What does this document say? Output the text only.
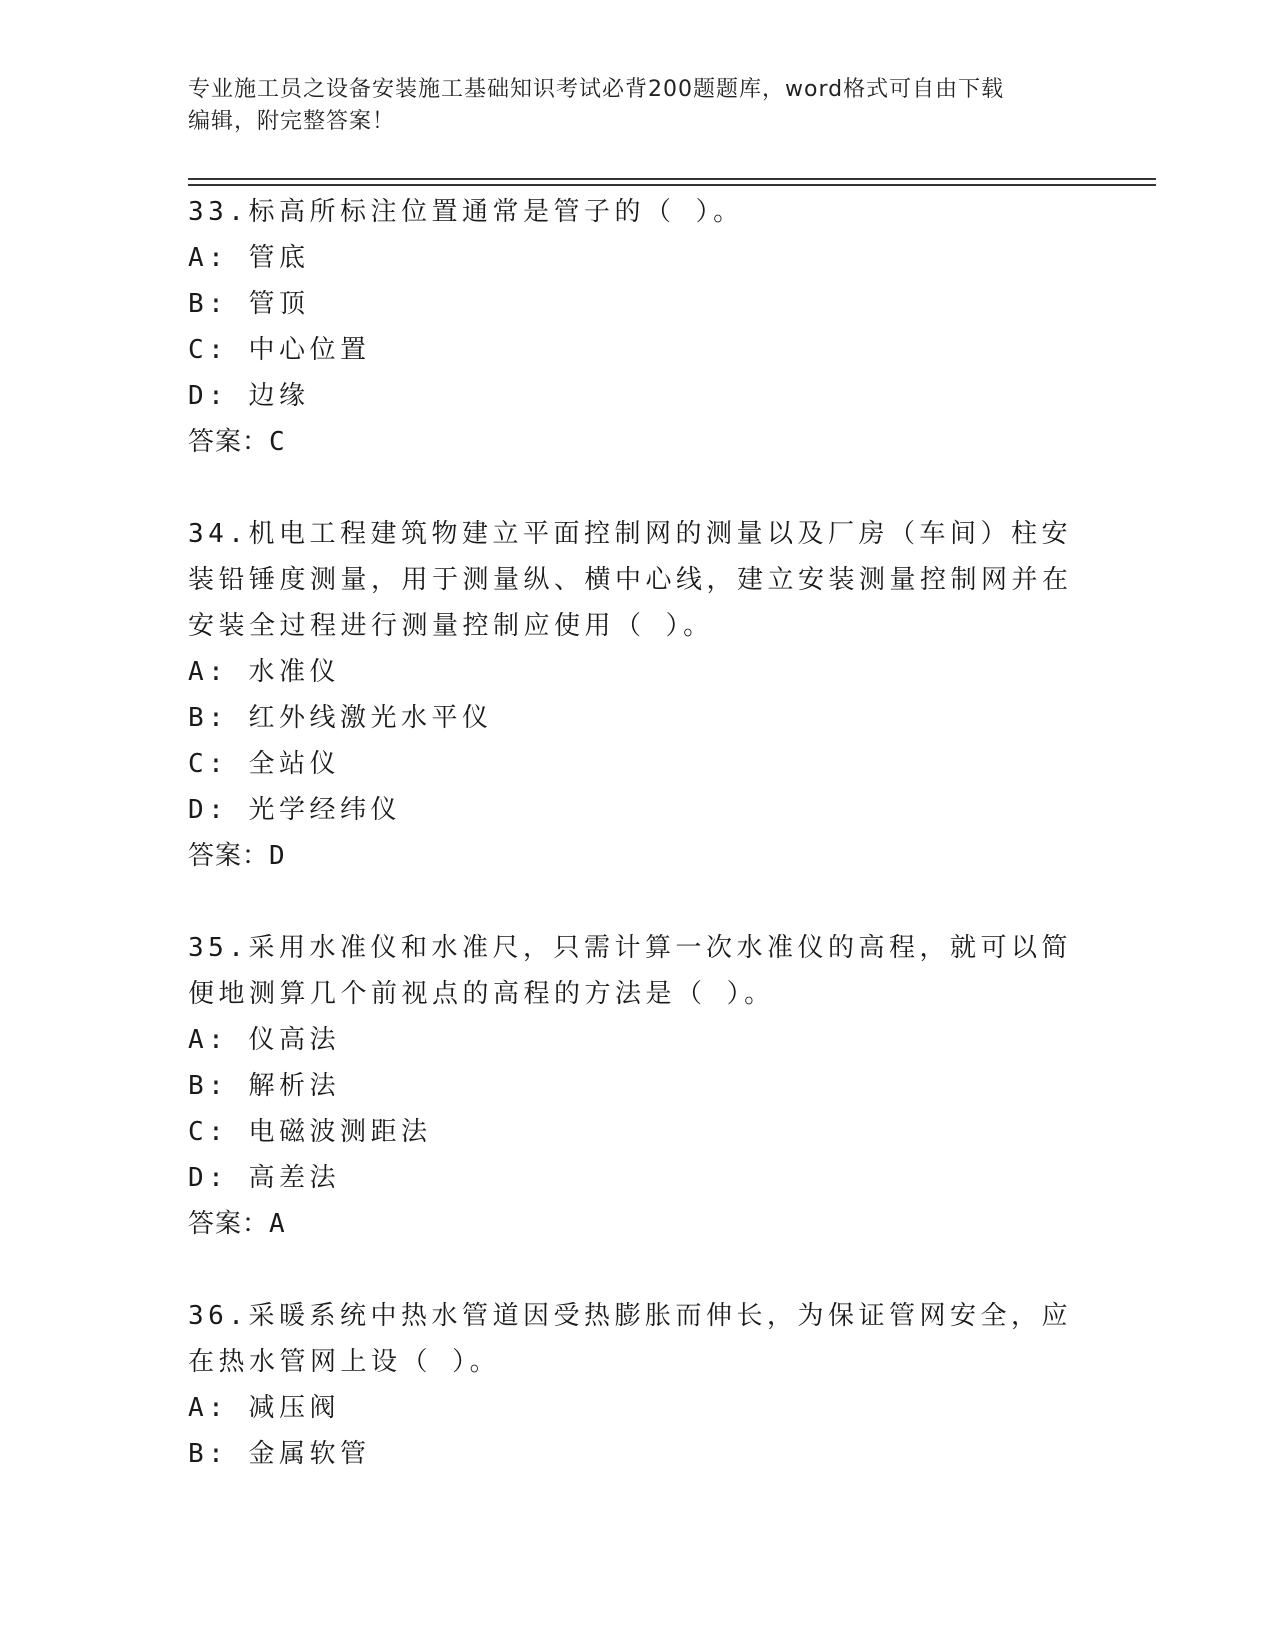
专业施工员之设备安装施工基础知识考试必背200题题库，word格式可自由下载
编辑，附完整答案！

33.标高所标注位置通常是管子的（ ）。

A: 管底
B: 管顶
C: 中心位置
D: 边缘
答案：C

34.机电工程建筑物建立平面控制网的测量以及厂房（车间）柱安装铅锤度测量，用于测量纵、横中心线，建立安装测量控制网并在安装全过程进行测量控制应使用（ ）。

A: 水准仪
B: 红外线激光水平仪
C: 全站仪
D: 光学经纬仪
答案：D

35.采用水准仪和水准尺，只需计算一次水准仪的高程，就可以简便地测算几个前视点的高程的方法是（ ）。

A: 仪高法
B: 解析法
C: 电磁波测距法
D: 高差法
答案：A

36.采暖系统中热水管道因受热膨胀而伸长，为保证管网安全，应在热水管网上设（ ）。

A: 减压阀
B: 金属软管
